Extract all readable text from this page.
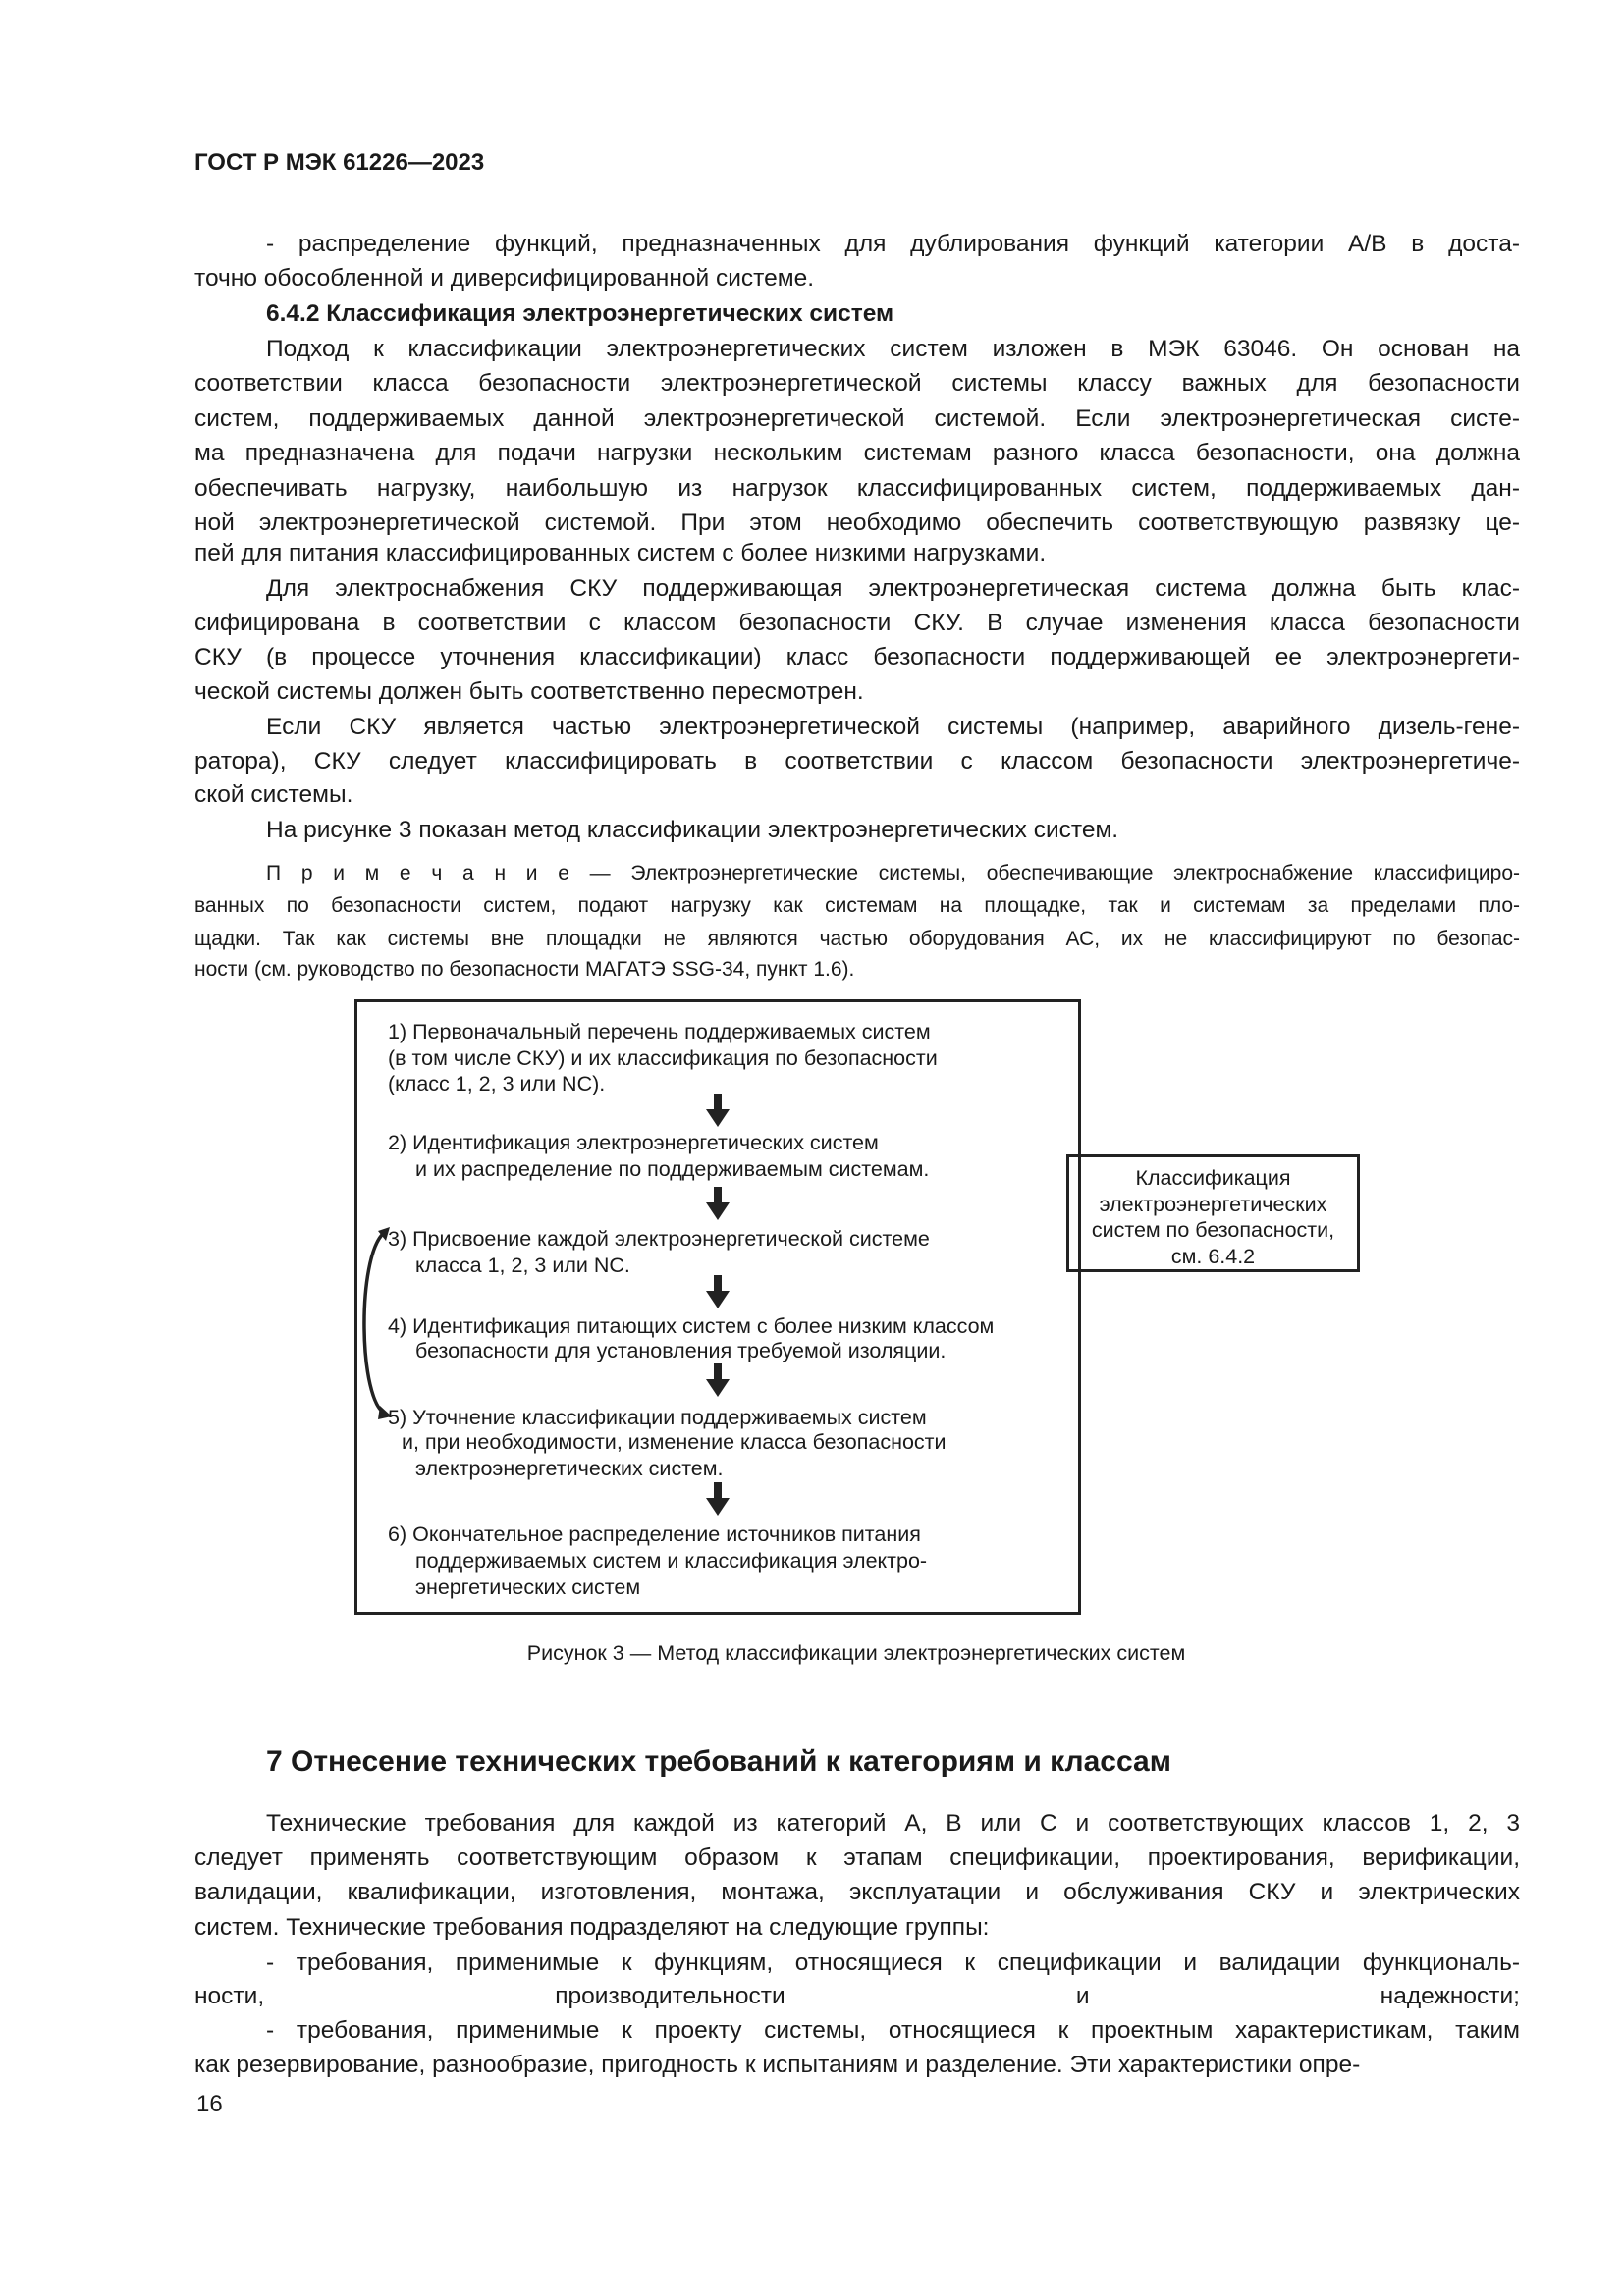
ГОСТ Р МЭК 61226—2023
- распределение функций, предназначенных для дублирования функций категории А/В в доста-
точно обособленной и диверсифицированной системе.
6.4.2 Классификация электроэнергетических систем
Подход к классификации электроэнергетических систем изложен в МЭК 63046. Он основан на
соответствии класса безопасности электроэнергетической системы классу важных для безопасности
систем, поддерживаемых данной электроэнергетической системой. Если электроэнергетическая систе-
ма предназначена для подачи нагрузки нескольким системам разного класса безопасности, она должна
обеспечивать нагрузку, наибольшую из нагрузок классифицированных систем, поддерживаемых дан-
ной электроэнергетической системой. При этом необходимо обеспечить соответствующую развязку це-
пей для питания классифицированных систем с более низкими нагрузками.
Для электроснабжения СКУ поддерживающая электроэнергетическая система должна быть клас-
сифицирована в соответствии с классом безопасности СКУ. В случае изменения класса безопасности
СКУ (в процессе уточнения классификации) класс безопасности поддерживающей ее электроэнергети-
ческой системы должен быть соответственно пересмотрен.
Если СКУ является частью электроэнергетической системы (например, аварийного дизель-гене-
ратора), СКУ следует классифицировать в соответствии с классом безопасности электроэнергетиче-
ской системы.
На рисунке 3 показан метод классификации электроэнергетических систем.
П р и м е ч а н и е — Электроэнергетические системы, обеспечивающие электроснабжение классифициро-
ванных по безопасности систем, подают нагрузку как системам на площадке, так и системам за пределами пло-
щадки. Так как системы вне площадки не являются частью оборудования АС, их не классифицируют по безопас-
ности (см. руководство по безопасности МАГАТЭ SSG-34, пункт 1.6).
Технические требования для каждой из категорий А, В или С и соответствующих классов 1, 2, 3
следует применять соответствующим образом к этапам спецификации, проектирования, верификации,
валидации, квалификации, изготовления, монтажа, эксплуатации и обслуживания СКУ и электрических
систем. Технические требования подразделяют на следующие группы:
- требования, применимые к функциям, относящиеся к спецификации и валидации функциональ-
ности, производительности и надежности;
- требования, применимые к проекту системы, относящиеся к проектным характеристикам, таким
как резервирование, разнообразие, пригодность к испытаниям и разделение. Эти характеристики опре-
1) Первоначальный перечень поддерживаемых систем
(в том числе СКУ) и их классификация по безопасности
(класс 1, 2, 3 или NC).
2) Идентификация электроэнергетических систем
и их распределение по поддерживаемым системам.
3) Присвоение каждой электроэнергетической системе
класса 1, 2, 3 или NC.
4) Идентификация питающих систем с более низким классом
безопасности для установления требуемой изоляции.
5) Уточнение классификации поддерживаемых систем
и, при необходимости, изменение класса безопасности
электроэнергетических систем.
6) Окончательное распределение источников питания
поддерживаемых систем и классификация электро-
энергетических систем
Классификация
электроэнергетических
систем по безопасности,
см. 6.4.2
Рисунок 3 — Метод классификации электроэнергетических систем
7 Отнесение технических требований к категориям и классам
16
